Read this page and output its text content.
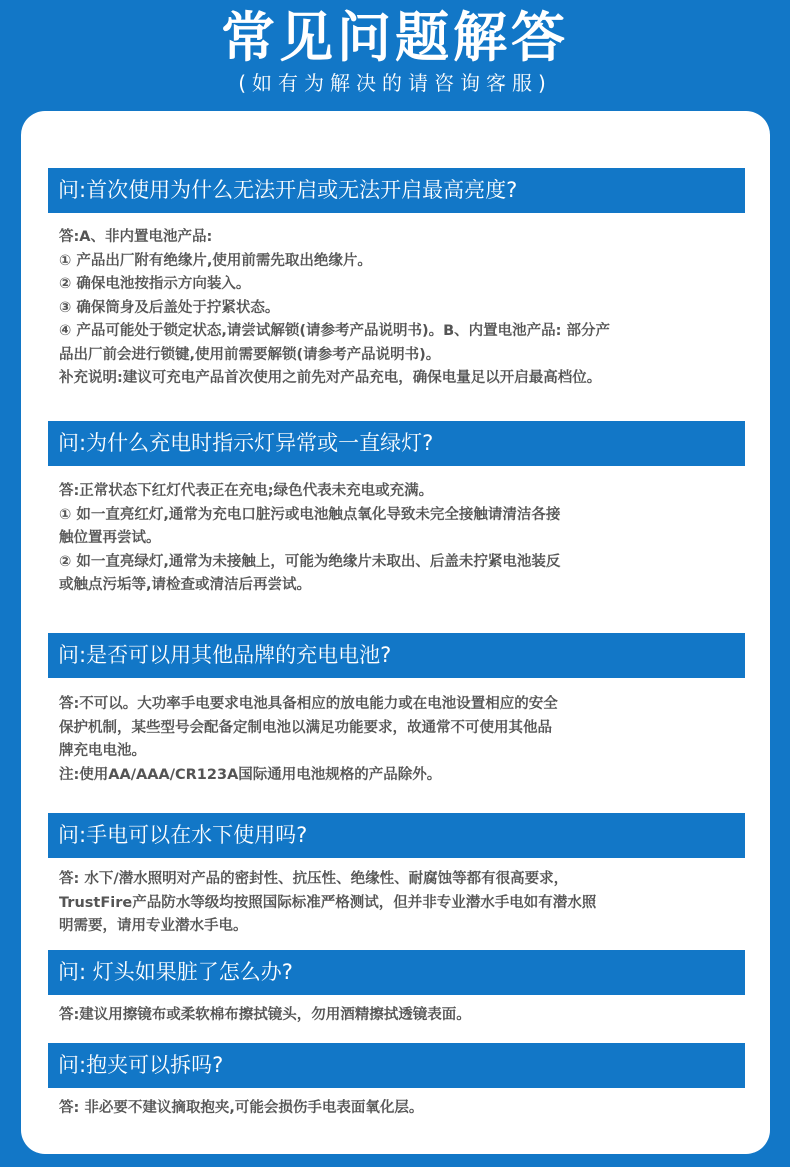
常见问题解答
(如有为解决的请咨询客服)
问:首次使用为什么无法开启或无法开启最高亮度?
答:A、非内置电池产品:
① 产品出厂附有绝缘片,使用前需先取出绝缘片。
② 确保电池按指示方向装入。
③ 确保筒身及后盖处于拧紧状态。
④ 产品可能处于锁定状态,请尝试解锁(请参考产品说明书)。B、内置电池产品: 部分产
品出厂前会进行锁键,使用前需要解锁(请参考产品说明书)。
补充说明:建议可充电产品首次使用之前先对产品充电，确保电量足以开启最高档位。
问:为什么充电时指示灯异常或一直绿灯?
答:正常状态下红灯代表正在充电;绿色代表未充电或充满。
① 如一直亮红灯,通常为充电口脏污或电池触点氧化导致未完全接触请清洁各接
触位置再尝试。
② 如一直亮绿灯,通常为未接触上，可能为绝缘片未取出、后盖未拧紧电池装反
或触点污垢等,请检查或清洁后再尝试。
问:是否可以用其他品牌的充电电池?
答:不可以。大功率手电要求电池具备相应的放电能力或在电池设置相应的安全
保护机制，某些型号会配备定制电池以满足功能要求，故通常不可使用其他品
牌充电电池。
注:使用AA/AAA/CR123A国际通用电池规格的产品除外。
问:手电可以在水下使用吗?
答: 水下/潜水照明对产品的密封性、抗压性、绝缘性、耐腐蚀等都有很高要求，
TrustFire产品防水等级均按照国际标准严格测试，但并非专业潜水手电如有潜水照
明需要，请用专业潜水手电。
问: 灯头如果脏了怎么办?
答:建议用擦镜布或柔软棉布擦拭镜头，勿用酒精擦拭透镜表面。
问:抱夹可以拆吗?
答: 非必要不建议摘取抱夹,可能会损伤手电表面氧化层。
